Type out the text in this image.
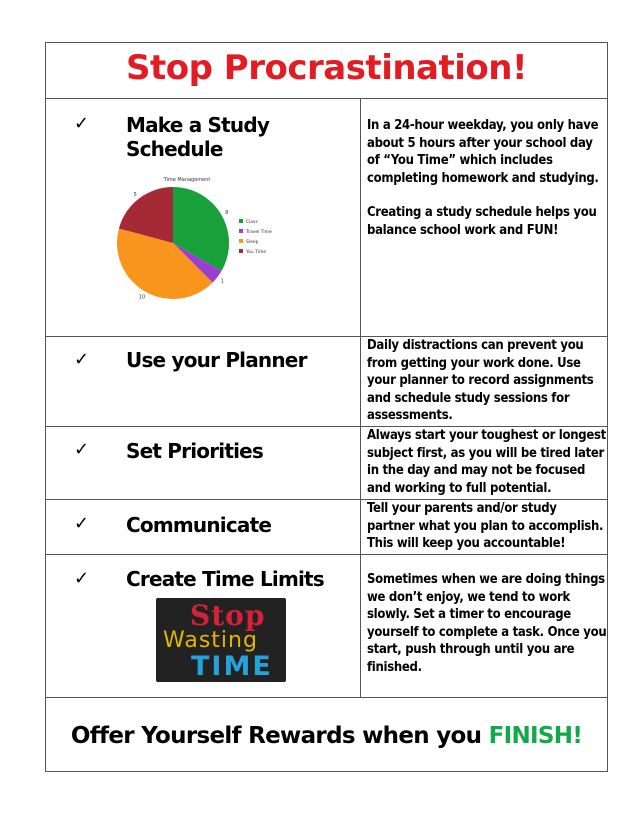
Stop Procrastination!
✓ Make a Study Schedule
Time Management
8
1
10
5
Class
Travel Time
Sleep
You Time

In a 24-hour weekday, you only have about 5 hours after your school day of “You Time” which includes completing homework and studying.

Creating a study schedule helps you balance school work and FUN!

✓ Use your Planner

Daily distractions can prevent you from getting your work done. Use your planner to record assignments and schedule study sessions for assessments.

✓ Set Priorities

Always start your toughest or longest subject first, as you will be tired later in the day and may not be focused and working to full potential.

✓ Communicate

Tell your parents and/or study partner what you plan to accomplish. This will keep you accountable!

✓ Create Time Limits
Stop
Wasting
TIME

Sometimes when we are doing things we don’t enjoy, we tend to work slowly. Set a timer to encourage yourself to complete a task. Once you start, push through until you are finished.

Offer Yourself Rewards when you FINISH!
